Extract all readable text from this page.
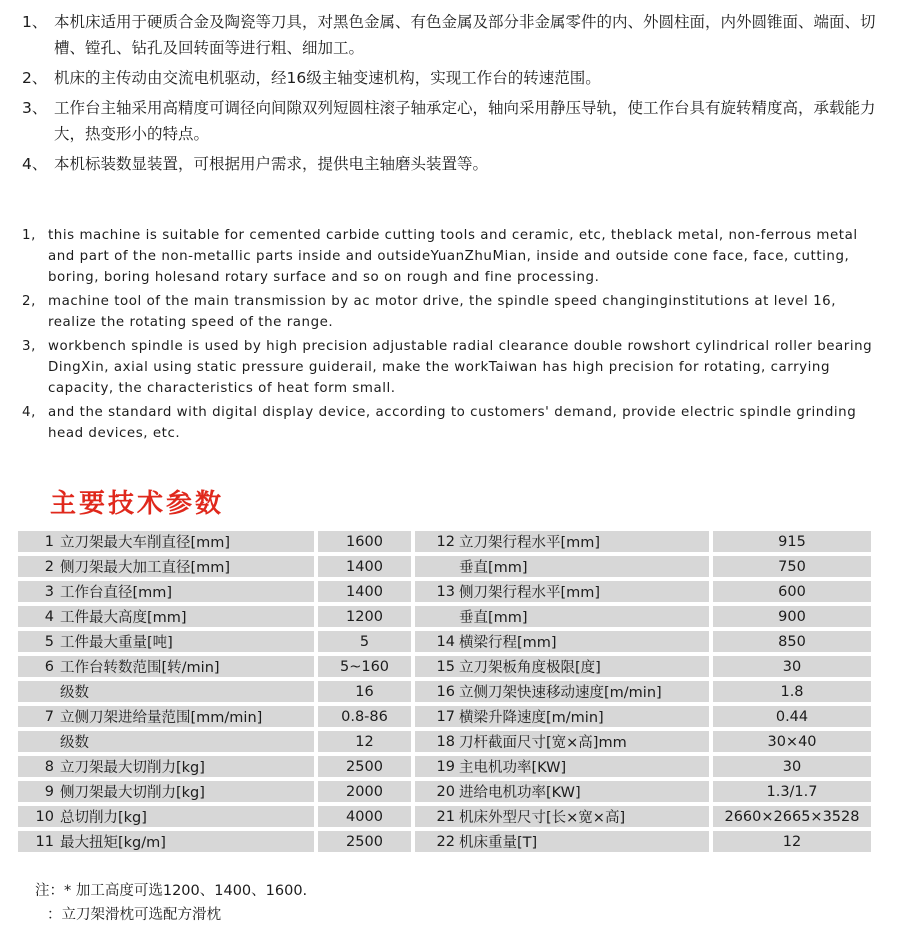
1、 本机床适用于硬质合金及陶瓷等刀具，对黑色金属、有色金属及部分非金属零件的内、外圆柱面，内外圆锥面、端面、切槽、镗孔、钻孔及回转面等进行粗、细加工。
2、 机床的主传动由交流电机驱动，经16级主轴变速机构，实现工作台的转速范围。
3、 工作台主轴采用高精度可调径向间隙双列短圆柱滚子轴承定心，轴向采用静压导轨，使工作台具有旋转精度高，承载能力大，热变形小的特点。
4、 本机标装数显装置，可根据用户需求，提供电主轴磨头装置等。
1, this machine is suitable for cemented carbide cutting tools and ceramic, etc, theblack metal, non-ferrous metal and part of the non-metallic parts inside and outsideYuanZhuMian, inside and outside cone face, face, cutting, boring, boring holesand rotary surface and so on rough and fine processing.
2, machine tool of the main transmission by ac motor drive, the spindle speed changinginstitutions at level 16, realize the rotating speed of the range.
3, workbench spindle is used by high precision adjustable radial clearance double rowshort cylindrical roller bearing DingXin, axial using static pressure guiderail, make the workTaiwan has high precision for rotating, carrying capacity, the characteristics of heat form small.
4, and the standard with digital display device, according to customers' demand, provide electric spindle grinding head devices, etc.
主要技术参数
1 立刀架最大车削直径[mm]	1600	12 立刀架行程水平[mm]	915

2 侧刀架最大加工直径[mm]	1400	垂直[mm]	750

3 工作台直径[mm]	1400	13 侧刀架行程水平[mm]	600

4 工件最大高度[mm]	1200	垂直[mm]	900

5 工件最大重量[吨]	5	14 横梁行程[mm]	850

6 工作台转数范围[转/min]	5~160	15 立刀架板角度极限[度]	30

级数	16	16 立侧刀架快速移动速度[m/min]	1.8

7 立侧刀架进给量范围[mm/min]	0.8-86	17 横梁升降速度[m/min]	0.44

级数	12	18 刀杆截面尺寸[宽×高]mm	30×40

8 立刀架最大切削力[kg]	2500	19 主电机功率[KW]	30

9 侧刀架最大切削力[kg]	2000	20 进给电机功率[KW]	1.3/1.7

10 总切削力[kg]	4000	21 机床外型尺寸[长×宽×高]	2660×2665×3528

11 最大扭矩[kg/m]	2500	22 机床重量[T]	12
注：* 加工高度可选1200、1400、1600.
：立刀架滑枕可选配方滑枕
